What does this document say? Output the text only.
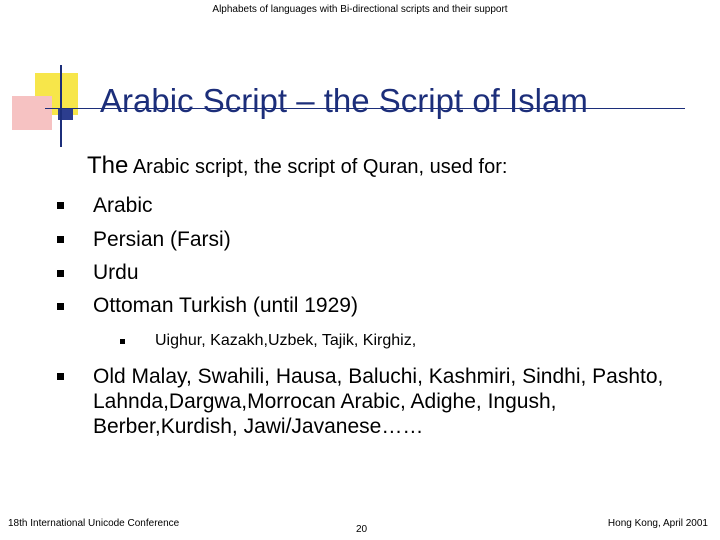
Alphabets of languages with Bi-directional scripts and their support
Arabic Script – the Script of Islam
The Arabic script, the script of Quran, used for:
Arabic
Persian (Farsi)
Urdu
Ottoman Turkish (until 1929)
Uighur, Kazakh,Uzbek, Tajik, Kirghiz,
Old Malay, Swahili, Hausa, Baluchi, Kashmiri, Sindhi, Pashto, Lahnda,Dargwa,Morrocan Arabic, Adighe, Ingush, Berber,Kurdish, Jawi/Javanese……
18th International Unicode Conference
20
Hong Kong, April 2001
